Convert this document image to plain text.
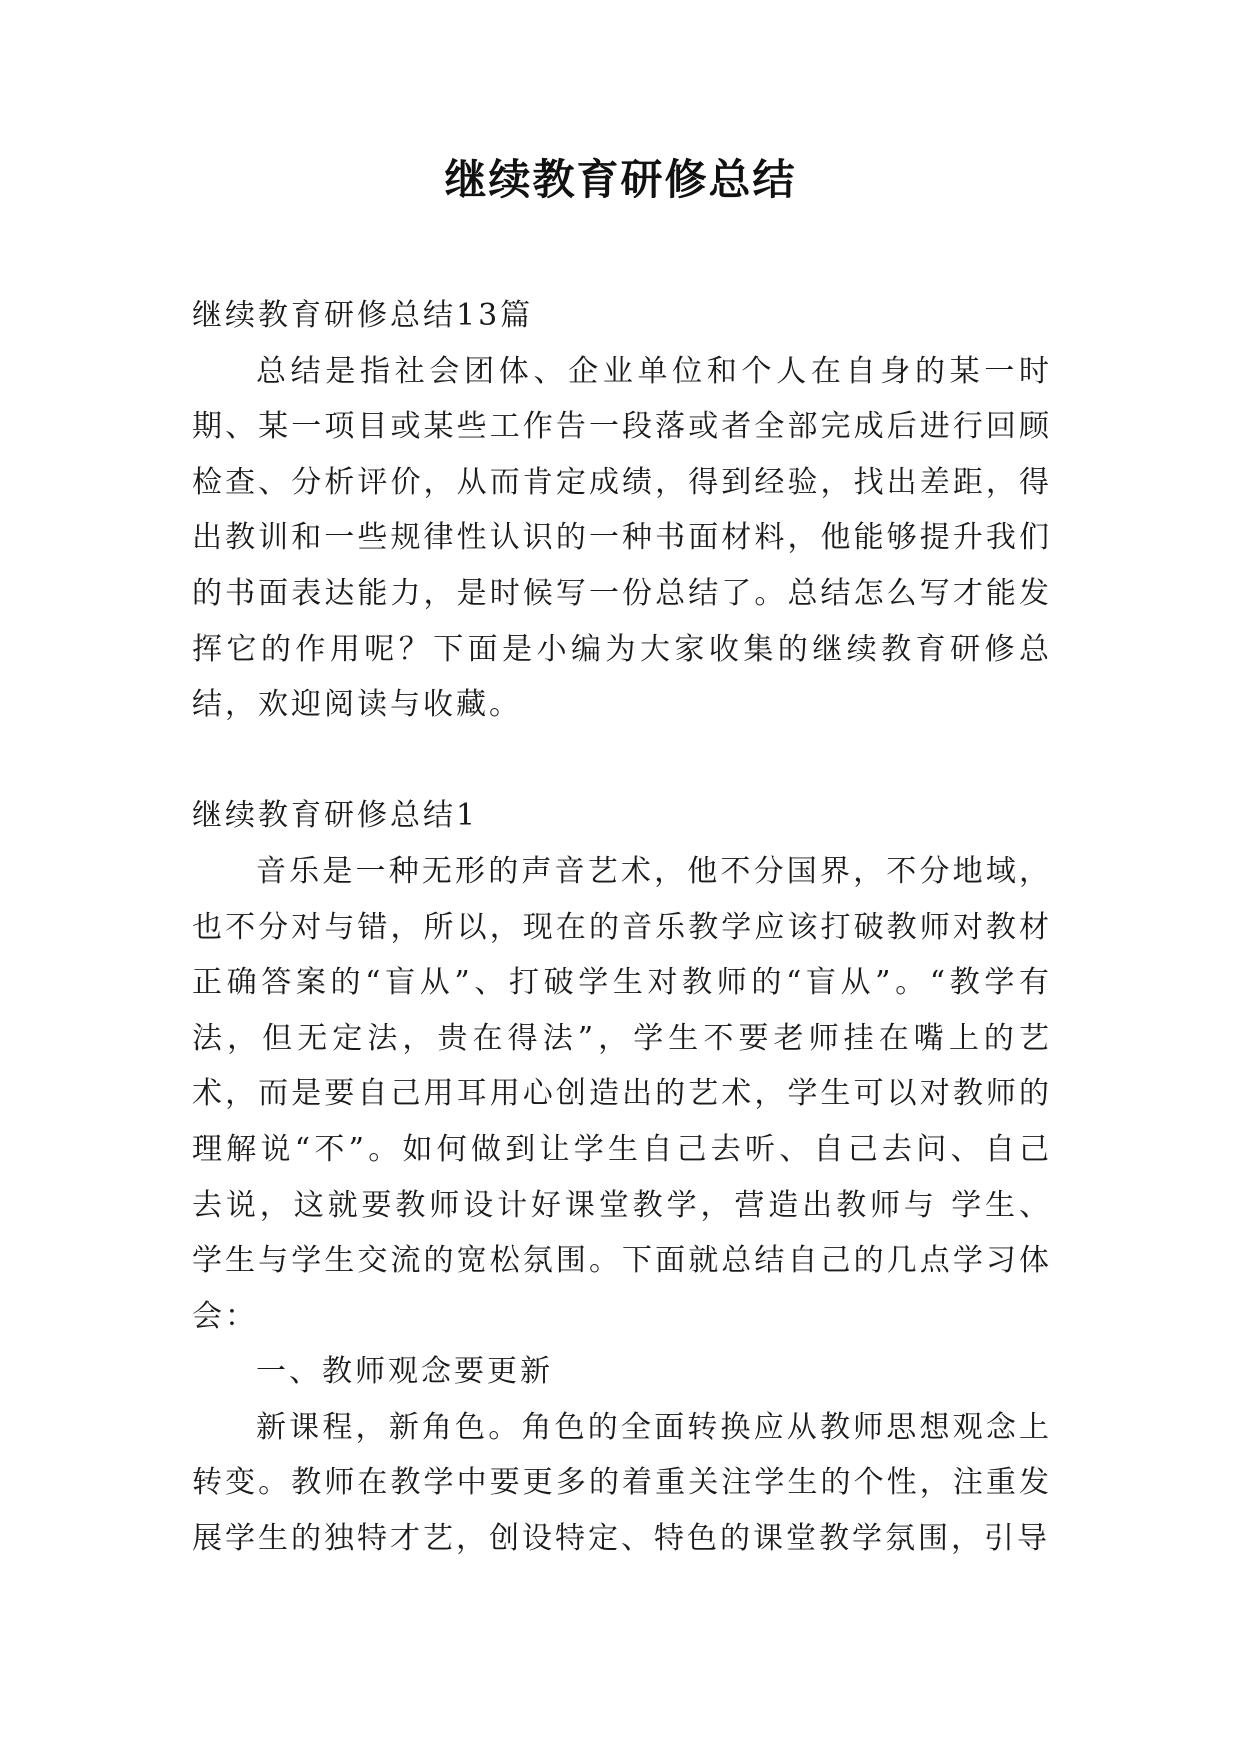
继续教育研修总结

继续教育研修总结13篇

总结是指社会团体、企业单位和个人在自身的某一时期、某一项目或某些工作告一段落或者全部完成后进行回顾检查、分析评价，从而肯定成绩，得到经验，找出差距，得出教训和一些规律性认识的一种书面材料，他能够提升我们的书面表达能力，是时候写一份总结了。总结怎么写才能发挥它的作用呢？下面是小编为大家收集的继续教育研修总结，欢迎阅读与收藏。

继续教育研修总结1

音乐是一种无形的声音艺术，他不分国界，不分地域，也不分对与错，所以，现在的音乐教学应该打破教师对教材正确答案的“盲从”、打破学生对教师的“盲从”。“教学有法，但无定法，贵在得法”，学生不要老师挂在嘴上的艺术，而是要自己用耳用心创造出的艺术，学生可以对教师的理解说“不”。如何做到让学生自己去听、自己去问、自己去说，这就要教师设计好课堂教学，营造出教师与 学生、学生与学生交流的宽松氛围。下面就总结自己的几点学习体会：

一、教师观念要更新

新课程，新角色。角色的全面转换应从教师思想观念上转变。教师在教学中要更多的着重关注学生的个性，注重发展学生的独特才艺，创设特定、特色的课堂教学氛围，引导
